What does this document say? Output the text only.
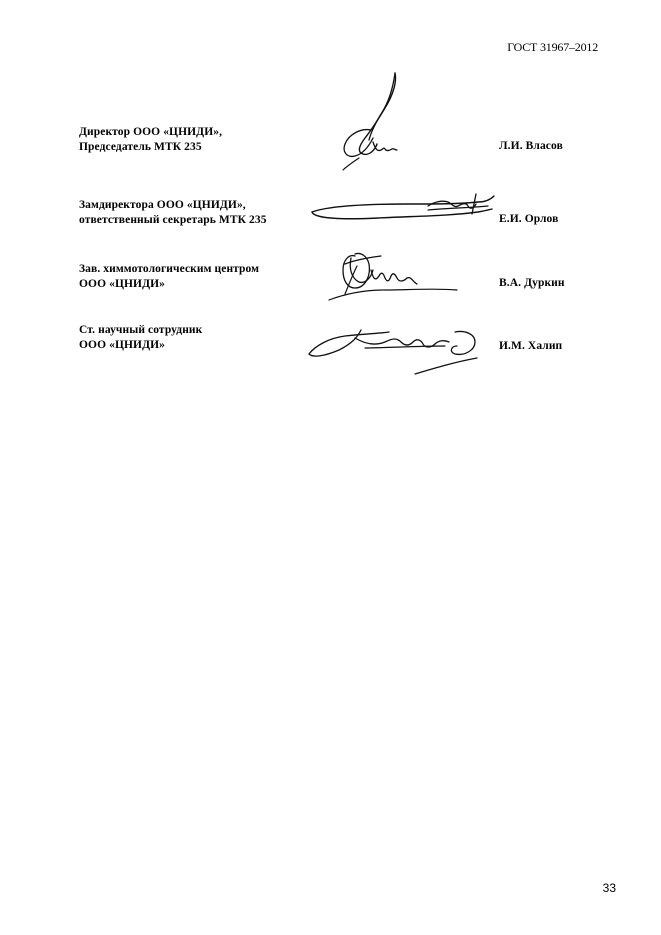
ГОСТ 31967–2012
Директор ООО «ЦНИДИ»,
Председатель МТК 235	Л.И. Власов
Замдиректора ООО «ЦНИДИ»,
ответственный секретарь МТК 235	Е.И. Орлов
Зав. химмотологическим центром
ООО «ЦНИДИ»	В.А. Дуркин
Ст. научный сотрудник
ООО «ЦНИДИ»	И.М. Халип
33
